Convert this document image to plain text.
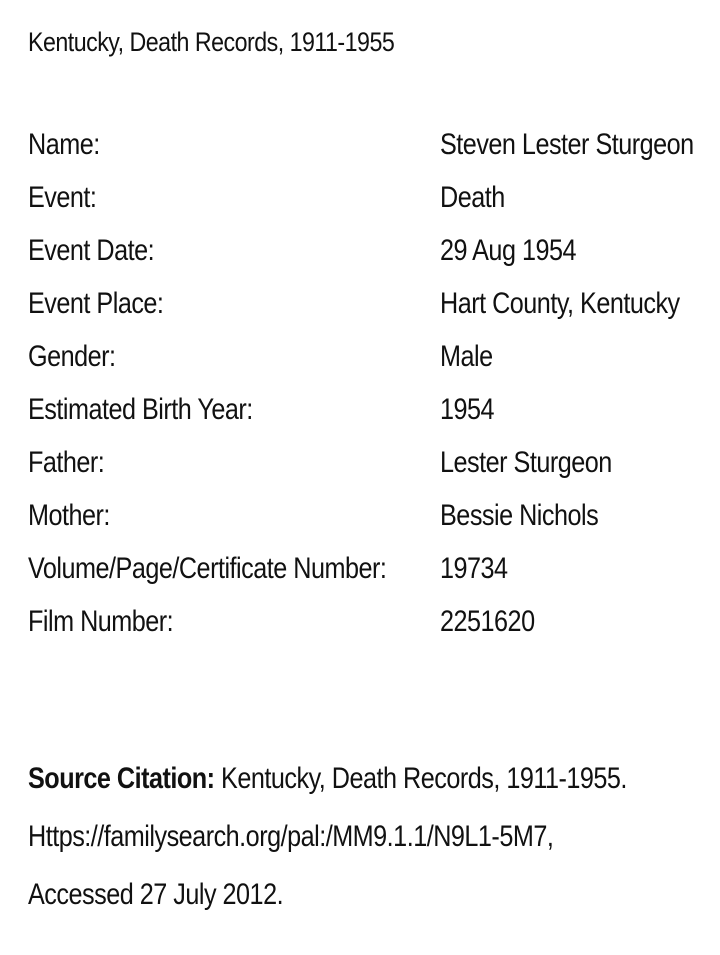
Kentucky, Death Records, 1911-1955
Name:	Steven Lester Sturgeon
Event:	Death
Event Date:	29 Aug 1954
Event Place:	Hart County, Kentucky
Gender:	Male
Estimated Birth Year:	1954
Father:	Lester Sturgeon
Mother:	Bessie Nichols
Volume/Page/Certificate Number: 19734
Film Number:	2251620
Source Citation: Kentucky, Death Records, 1911-1955.
Https://familysearch.org/pal:/MM9.1.1/N9L1-5M7,
Accessed 27 July 2012.
